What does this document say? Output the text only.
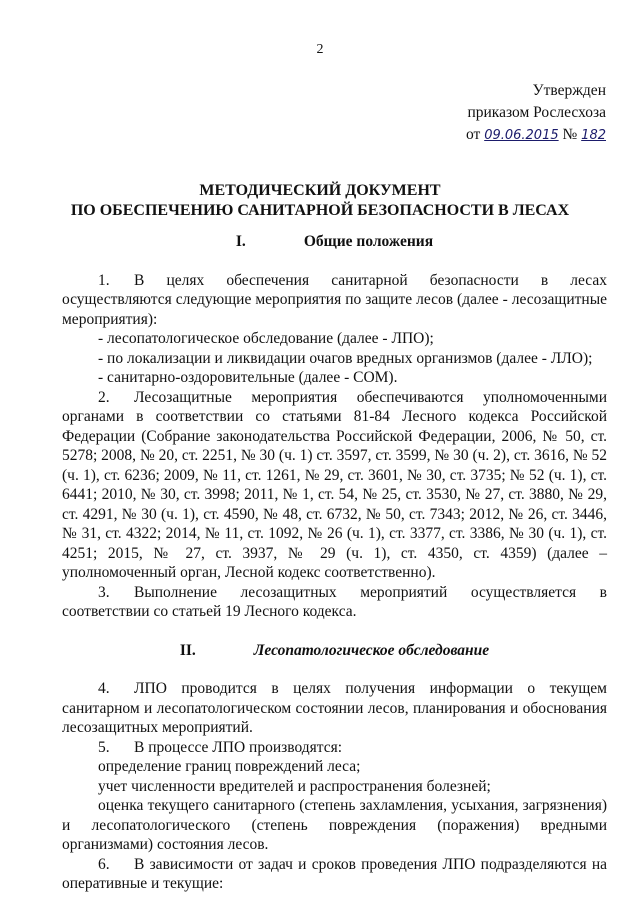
2
Утвержден
приказом Рослесхоза
от 09.06.2015 № 182
МЕТОДИЧЕСКИЙ ДОКУМЕНТ
ПО ОБЕСПЕЧЕНИЮ САНИТАРНОЙ БЕЗОПАСНОСТИ В ЛЕСАХ
I.	Общие положения

1. В целях обеспечения санитарной безопасности в лесах осуществляются следующие мероприятия по защите лесов (далее - лесозащитные мероприятия):

- лесопатологическое обследование (далее - ЛПО);

- по локализации и ликвидации очагов вредных организмов (далее - ЛЛО);

- санитарно-оздоровительные (далее - СОМ).

2. Лесозащитные мероприятия обеспечиваются уполномоченными органами в соответствии со статьями 81-84 Лесного кодекса Российской Федерации (Собрание законодательства Российской Федерации, 2006, № 50, ст. 5278; 2008, № 20, ст. 2251, № 30 (ч. 1) ст. 3597, ст. 3599, № 30 (ч. 2), ст. 3616, № 52 (ч. 1), ст. 6236; 2009, № 11, ст. 1261, № 29, ст. 3601, № 30, ст. 3735; № 52 (ч. 1), ст. 6441; 2010, № 30, ст. 3998; 2011, № 1, ст. 54, № 25, ст. 3530, № 27, ст. 3880, № 29, ст. 4291, № 30 (ч. 1), ст. 4590, № 48, ст. 6732, № 50, ст. 7343; 2012, № 26, ст. 3446, № 31, ст. 4322; 2014, № 11, ст. 1092, № 26 (ч. 1), ст. 3377, ст. 3386, № 30 (ч. 1), ст. 4251; 2015, № 27, ст. 3937, № 29 (ч. 1), ст. 4350, ст. 4359) (далее – уполномоченный орган, Лесной кодекс соответственно).

3. Выполнение лесозащитных мероприятий осуществляется в соответствии со статьей 19 Лесного кодекса.

II.	Лесопатологическое обследование

4. ЛПО проводится в целях получения информации о текущем санитарном и лесопатологическом состоянии лесов, планирования и обоснования лесозащитных мероприятий.

5. В процессе ЛПО производятся:

определение границ повреждений леса;

учет численности вредителей и распространения болезней;

оценка текущего санитарного (степень захламления, усыхания, загрязнения) и лесопатологического (степень повреждения (поражения) вредными организмами) состояния лесов.

6. В зависимости от задач и сроков проведения ЛПО подразделяются на оперативные и текущие:
